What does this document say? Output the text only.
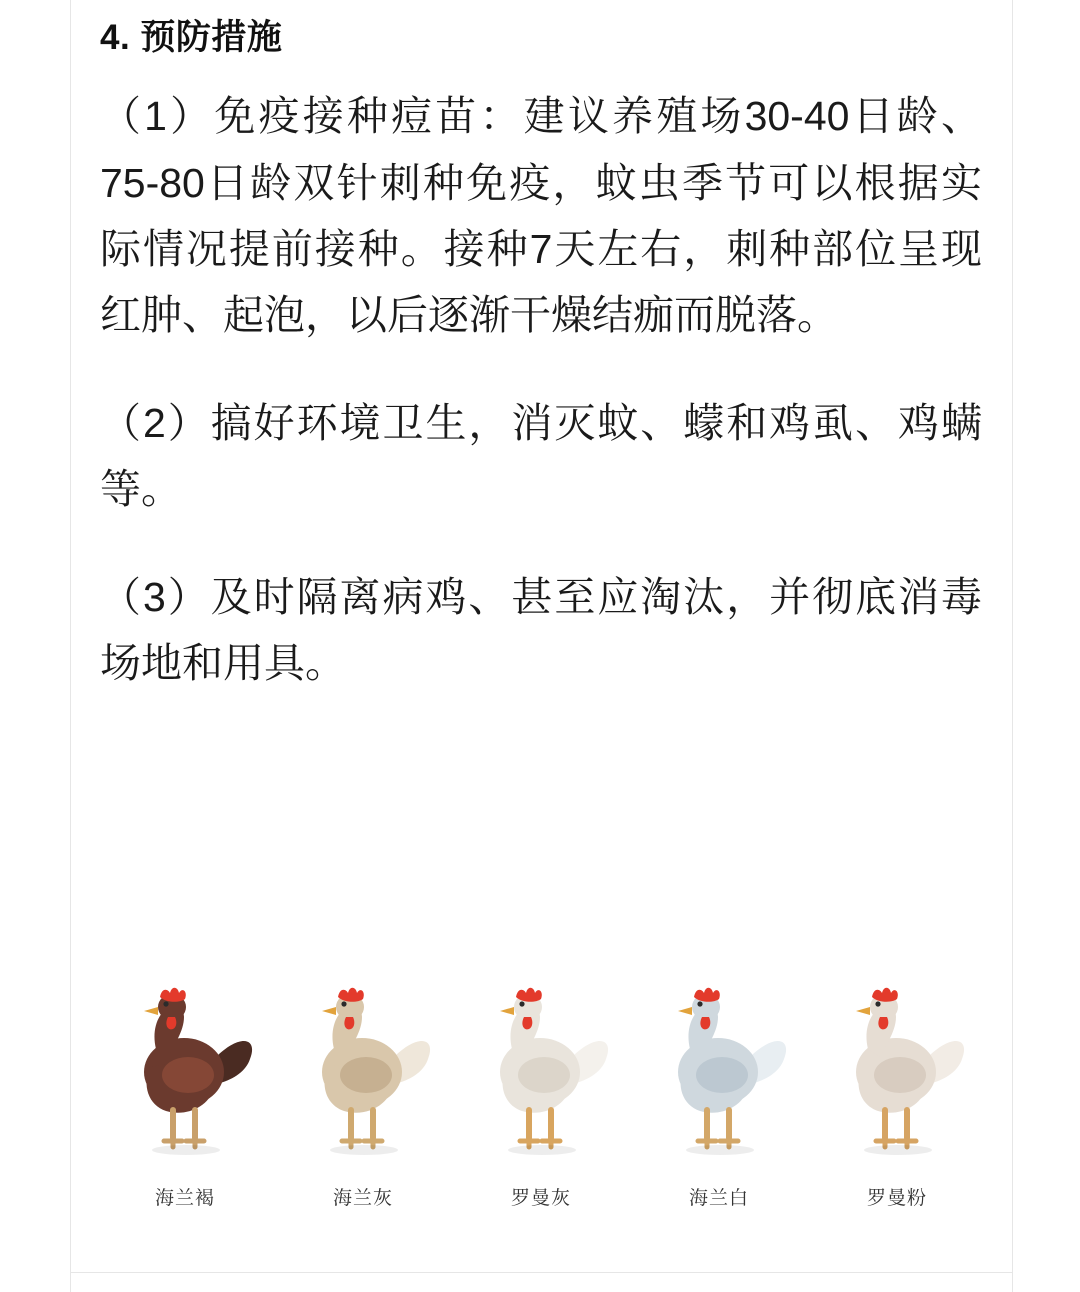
4. 预防措施

（1）免疫接种痘苗：建议养殖场30-40日龄、75-80日龄双针刺种免疫，蚊虫季节可以根据实际情况提前接种。接种7天左右，刺种部位呈现红肿、起泡，以后逐渐干燥结痂而脱落。

（2）搞好环境卫生，消灭蚊、蠓和鸡虱、鸡螨等。

（3）及时隔离病鸡、甚至应淘汰，并彻底消毒场地和用具。

海兰褐	海兰灰	罗曼灰	海兰白	罗曼粉
